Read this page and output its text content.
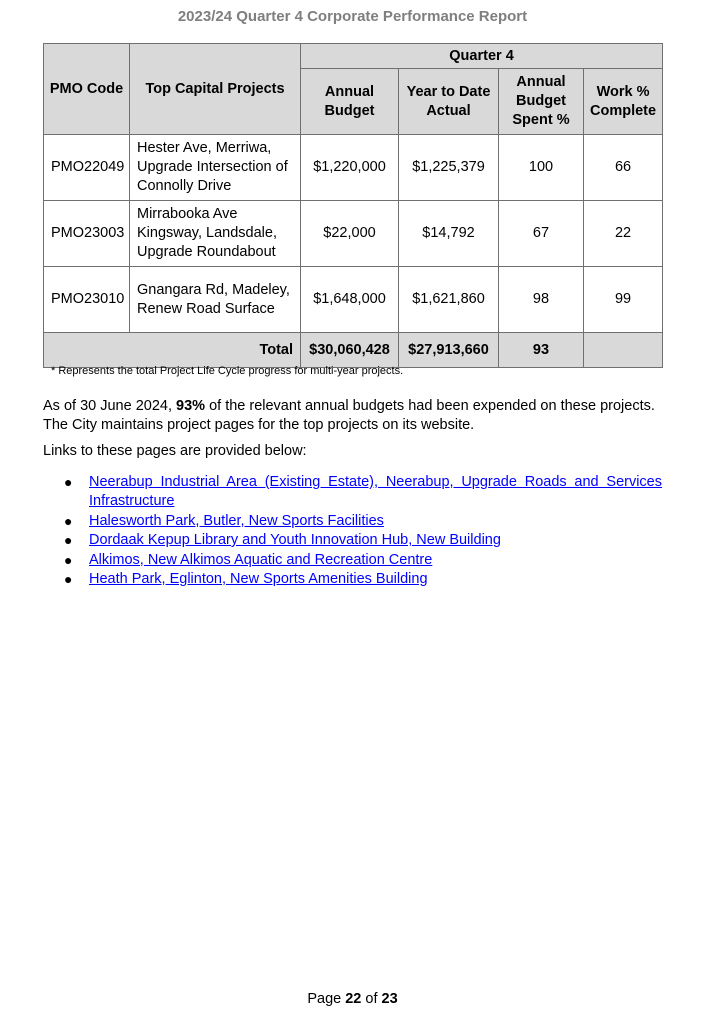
2023/24 Quarter 4 Corporate Performance Report
PMO Code	Top Capital Projects	Quarter 4			
		Annual Budget	Year to Date Actual	Annual Budget Spent %	Work % Complete
PMO22049	Hester Ave, Merriwa, Upgrade Intersection of Connolly Drive	$1,220,000	$1,225,379	100	66
PMO23003	Mirrabooka Ave Kingsway, Landsdale, Upgrade Roundabout	$22,000	$14,792	67	22
PMO23010	Gnangara Rd, Madeley, Renew Road Surface	$1,648,000	$1,621,860	98	99
Total		$30,060,428	$27,913,660	93	
* Represents the total Project Life Cycle progress for multi-year projects.
As of 30 June 2024, 93% of the relevant annual budgets had been expended on these projects. The City maintains project pages for the top projects on its website.
Links to these pages are provided below:
● Neerabup Industrial Area (Existing Estate), Neerabup, Upgrade Roads and Services Infrastructure
● Halesworth Park, Butler, New Sports Facilities
● Dordaak Kepup Library and Youth Innovation Hub, New Building
● Alkimos, New Alkimos Aquatic and Recreation Centre
● Heath Park, Eglinton, New Sports Amenities Building
Page 22 of 23
